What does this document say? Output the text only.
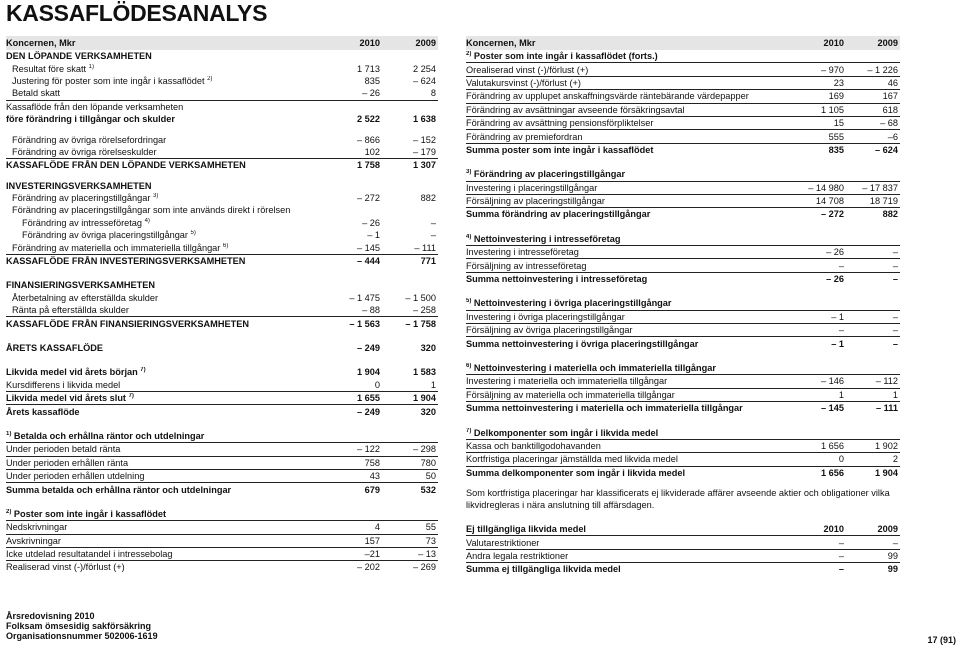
KASSAFLÖDESANALYS
Koncernen, Mkr	2010	2009
DEN LÖPANDE VERKSAMHETEN
Resultat före skatt $^{1)}$	1 713	2 254
Justering för poster som inte ingår i kassaflödet $^{2)}$	835	– 624
Betald skatt	– 26	8
Kassaflöde från den löpande verksamheten
före förändring i tillgångar och skulder	2 522	1 638
Förändring av övriga rörelsefordringar	– 866	– 152
Förändring av övriga rörelseskulder	102	– 179
KASSAFLÖDE FRÅN DEN LÖPANDE VERKSAMHETEN	1 758	1 307
INVESTERINGSVERKSAMHETEN
Förändring av placeringstillgångar $^{3)}$	– 272	882
Förändring av placeringstillgångar som inte används direkt i rörelsen
Förändring av intresseföretag $^{4)}$	– 26	–
Förändring av övriga placeringstillgångar $^{5)}$	– 1	–
Förändring av materiella och immateriella tillgångar $^{6)}$	– 145	– 111
KASSAFLÖDE FRÅN INVESTERINGSVERKSAMHETEN	– 444	771
FINANSIERINGSVERKSAMHETEN
Återbetalning av efterställda skulder	– 1 475	– 1 500
Ränta på efterställda skulder	– 88	– 258
KASSAFLÖDE FRÅN FINANSIERINGSVERKSAMHETEN	– 1 563	– 1 758
ÅRETS KASSAFLÖDE	– 249	320
Likvida medel vid årets början $^{7)}$	1 904	1 583
Kursdifferens i likvida medel	0	1
Likvida medel vid årets slut $^{7)}$	1 655	1 904
Årets kassaflöde	– 249	320
$^{1)}$ Betalda och erhållna räntor och utdelningar
Under perioden betald ränta	– 122	– 298
Under perioden erhållen ränta	758	780
Under perioden erhållen utdelning	43	50
Summa betalda och erhållna räntor och utdelningar	679	532
$^{2)}$ Poster som inte ingår i kassaflödet
Nedskrivningar	4	55
Avskrivningar	157	73
Icke utdelad resultatandel i intressebolag	–21	– 13
Realiserad vinst (-)/förlust (+)	– 202	– 269
Koncernen, Mkr	2010	2009
$^{2)}$ Poster som inte ingår i kassaflödet (forts.)
Orealiserad vinst (-)/förlust (+)	– 970	– 1 226
Valutakursvinst (-)/förlust (+)	23	46
Förändring av upplupet anskaffningsvärde räntebärande värdepapper	169	167
Förändring av avsättningar avseende försäkringsavtal	1 105	618
Förändring av avsättning pensionsförpliktelser	15	– 68
Förändring av premiefordran	555	–6
Summa poster som inte ingår i kassaflödet	835	– 624
$^{3)}$ Förändring av placeringstillgångar
Investering i placeringstillgångar	– 14 980	– 17 837
Försäljning av placeringstillgångar	14 708	18 719
Summa förändring av placeringstillgångar	– 272	882
$^{4)}$ Nettoinvestering i intresseföretag
Investering i intresseföretag	– 26	–
Försäljning av intresseföretag	–	–
Summa nettoinvestering i intresseföretag	– 26	–
$^{5)}$ Nettoinvestering i övriga placeringstillgångar
Investering i övriga placeringstillgångar	– 1	–
Försäljning av övriga placeringstillgångar	–	–
Summa nettoinvestering i övriga placeringstillgångar	– 1	–
$^{6)}$ Nettoinvestering i materiella och immateriella tillgångar
Investering i materiella och immateriella tillgångar	– 146	– 112
Försäljning av materiella och immateriella tillgångar	1	1
Summa nettoinvestering i materiella och immateriella tillgångar	– 145	– 111
$^{7)}$ Delkomponenter som ingår i likvida medel
Kassa och banktillgodohavanden	1 656	1 902
Kortfristiga placeringar jämställda med likvida medel	0	2
Summa delkomponenter som ingår i likvida medel	1 656	1 904
Som kortfristiga placeringar har klassificerats ej likviderade affärer avseende aktier och obligationer vilka likvidregleras i nära anslutning till affärsdagen.
Ej tillgängliga likvida medel	2010	2009
Valutarestriktioner	–	–
Andra legala restriktioner	–	99
Summa ej tillgängliga likvida medel	–	99
Årsredovisning 2010
Folksam ömsesidig sakförsäkring
Organisationsnummer 502006-1619	17 (91)
